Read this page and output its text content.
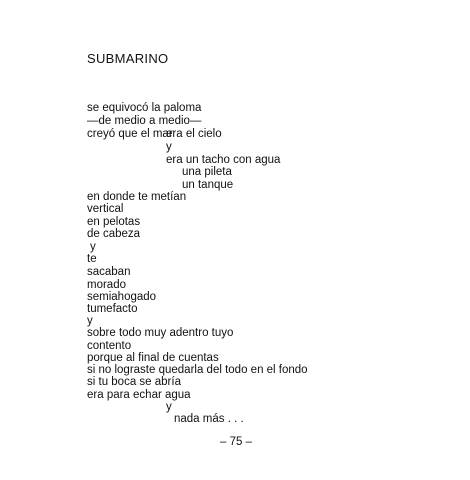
SUBMARINO
se equivocó la paloma
—de medio a medio—
creyó que el mar
era el cielo
y
era un tacho con agua
una pileta
un tanque
en donde te metían
vertical
en pelotas
de cabeza
y
te
sacaban
morado
semiahogado
tumefacto
y
sobre todo muy adentro tuyo
contento
porque al final de cuentas
si no lograste quedarla del todo en el fondo
si tu boca se abría
era para echar agua
y
nada más . . .
– 75 –
